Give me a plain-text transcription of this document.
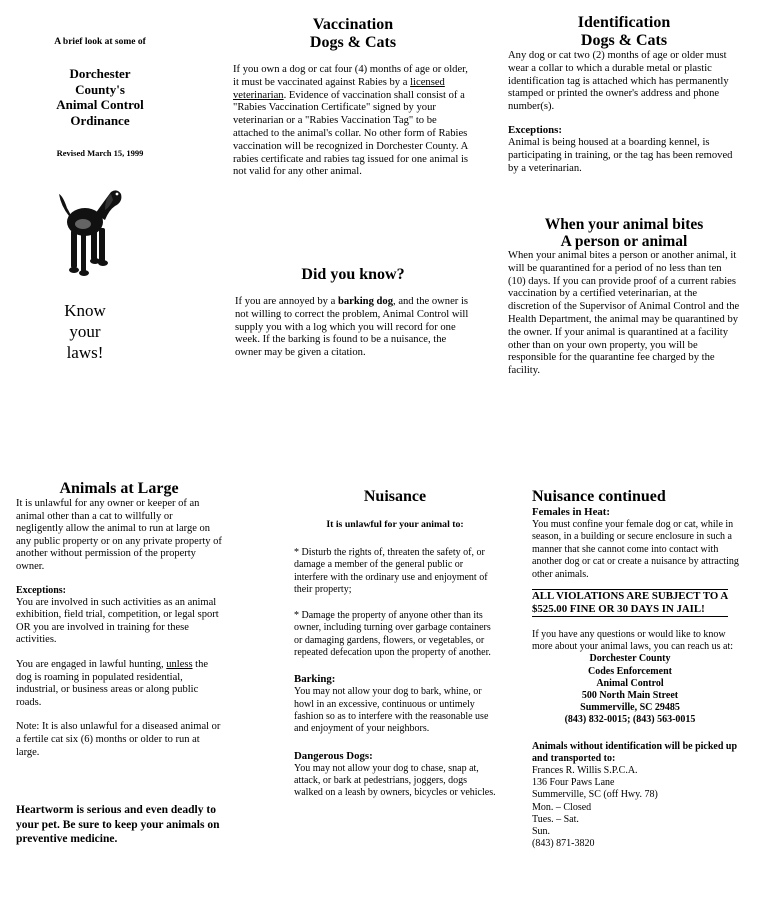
A brief look at some of

Dorchester
County's
Animal Control
Ordinance

Revised March 15, 1999

Know
your
laws!
Vaccination
Dogs & Cats

If you own a dog or cat four (4) months of age or older, it must be vaccinated against Rabies by a licensed veterinarian. Evidence of vaccination shall consist of a "Rabies Vaccination Certificate" signed by your veterinarian or a "Rabies Vaccination Tag" to be attached to the animal's collar. No other form of Rabies vaccination will be recognized in Dorchester County. A rabies certificate and rabies tag issued for one animal is not valid for any other animal.

Did you know?

If you are annoyed by a barking dog, and the owner is not willing to correct the problem, Animal Control will supply you with a log which you will record for one week. If the barking is found to be a nuisance, the owner may be given a citation.

Identification
Dogs & Cats

Any dog or cat two (2) months of age or older must wear a collar to which a durable metal or plastic identification tag is attached which has permanently stamped or printed the owner's address and phone number(s).

Exceptions:

Animal is being housed at a boarding kennel, is participating in training, or the tag has been removed by a veterinarian.

When your animal bites
A person or animal

When your animal bites a person or another animal, it will be quarantined for a period of no less than ten (10) days. If you can provide proof of a current rabies vaccination by a certified veterinarian, at the discretion of the Supervisor of Animal Control and the Health Department, the animal may be quarantined by the owner. If your animal is quarantined at a facility other than on your own property, you will be responsible for the quarantine fee charged by the facility.

Animals at Large

It is unlawful for any owner or keeper of an animal other than a cat to willfully or negligently allow the animal to run at large on any public property or on any private property of another without permission of the property owner.

Exceptions:

You are involved in such activities as an animal exhibition, field trial, competition, or legal sport OR you are involved in training for these activities.

You are engaged in lawful hunting, unless the dog is roaming in populated residential, industrial, or business areas or along public roads.

Note: It is also unlawful for a diseased animal or a fertile cat six (6) months or older to run at large.

Heartworm is serious and even deadly to your pet. Be sure to keep your animals on preventive medicine.

Nuisance

It is unlawful for your animal to:

* Disturb the rights of, threaten the safety of, or damage a member of the general public or interfere with the ordinary use and enjoyment of their property;

* Damage the property of anyone other than its owner, including turning over garbage containers or damaging gardens, flowers, or vegetables, or repeated defecation upon the property of another.

Barking:

You may not allow your dog to bark, whine, or howl in an excessive, continuous or untimely fashion so as to interfere with the reasonable use and enjoyment of your neighbors.

Dangerous Dogs:

You may not allow your dog to chase, snap at, attack, or bark at pedestrians, joggers, dogs walked on a leash by owners, bicycles or vehicles.

Nuisance continued

Females in Heat:

You must confine your female dog or cat, while in season, in a building or secure enclosure in such a manner that she cannot come into contact with another dog or cat or create a nuisance by attracting other animals.

ALL VIOLATIONS ARE SUBJECT TO A $525.00 FINE OR 30 DAYS IN JAIL!

If you have any questions or would like to know more about your animal laws, you can reach us at:

Dorchester County
Codes Enforcement
Animal Control
500 North Main Street
Summerville, SC 29485
(843) 832-0015; (843) 563-0015

Animals without identification will be picked up and transported to:

Frances R. Willis S.P.C.A.
136 Four Paws Lane
Summerville, SC (off Hwy. 78)
Mon. – Closed
Tues. – Sat.
Sun.
(843) 871-3820
